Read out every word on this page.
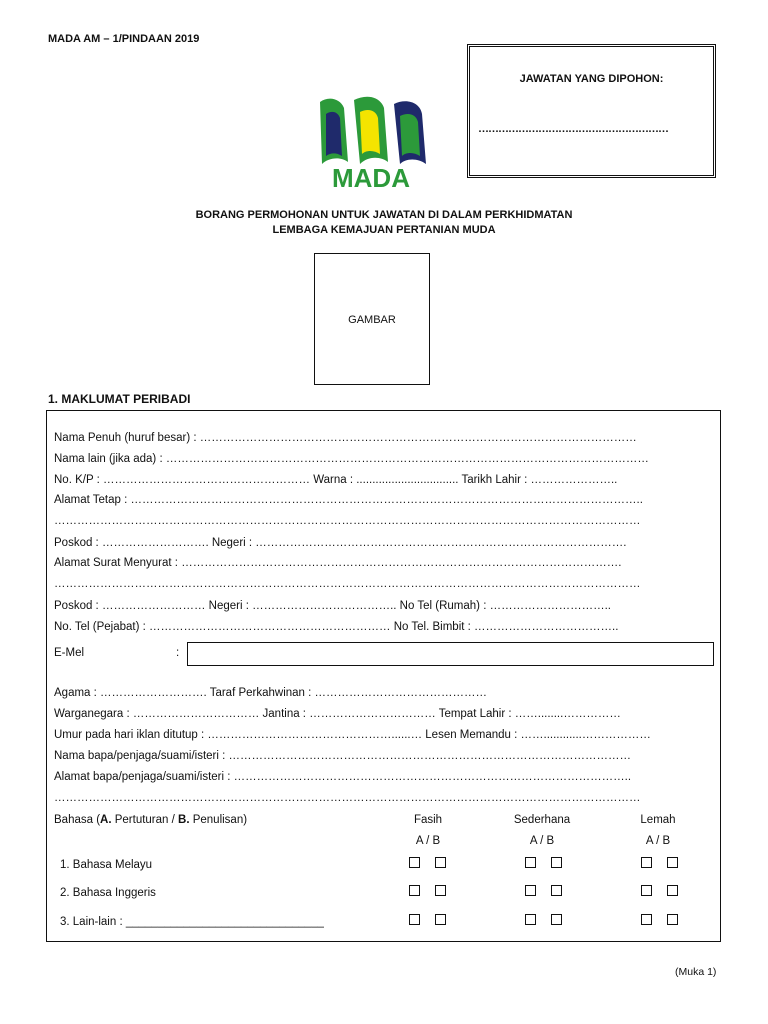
MADA AM – 1/PINDAAN 2019
JAWATAN YANG DIPOHON:
…………………………………………………
MADA
BORANG PERMOHONAN UNTUK JAWATAN DI DALAM PERKHIDMATAN
LEMBAGA KEMAJUAN PERTANIAN MUDA
GAMBAR
1. MAKLUMAT PERIBADI
Nama Penuh (huruf besar) : ……………………………………………………………………………………………………
Nama lain (jika ada) : ………………………………………………………………………………………………………………
No. K/P : ……………………………………………… Warna : ................................ Tarikh Lahir : …………………..
Alamat Tetap : ……………………………………………………………………………………………………………………..
………………………………………………………………………………………………………………………………………
Poskod : ………………………. Negeri : …………………………………………………………………………………….
Alamat Surat Menyurat : …………………………………………………………………………………………………….
………………………………………………………………………………………………………………………………………
Poskod : ……………………… Negeri : ……………………………….. No Tel (Rumah) : …………………………..
No. Tel (Pejabat) : ……………………………………………………… No Tel. Bimbit : ………………………………..
E-Mel	:
Agama : ………………………. Taraf Perkahwinan : ………………………………………
Warganegara : …………………………… Jantina : …………………………… Tempat Lahir : ……........……………
Umur pada hari iklan ditutup : …………………………………………......… Lesen Memandu : ……............………………
Nama bapa/penjaga/suami/isteri : ……………………………………………………………………………………………
Alamat bapa/penjaga/suami/isteri : …………………………………………………………………………………………..
………………………………………………………………………………………………………………………………………
Bahasa (A. Pertuturan / B. Penulisan)	Fasih	Sederhana	Lemah
A / B	A / B	A / B
1. Bahasa Melayu
2. Bahasa Inggeris
3. Lain-lain : _______________________________
(Muka 1)
